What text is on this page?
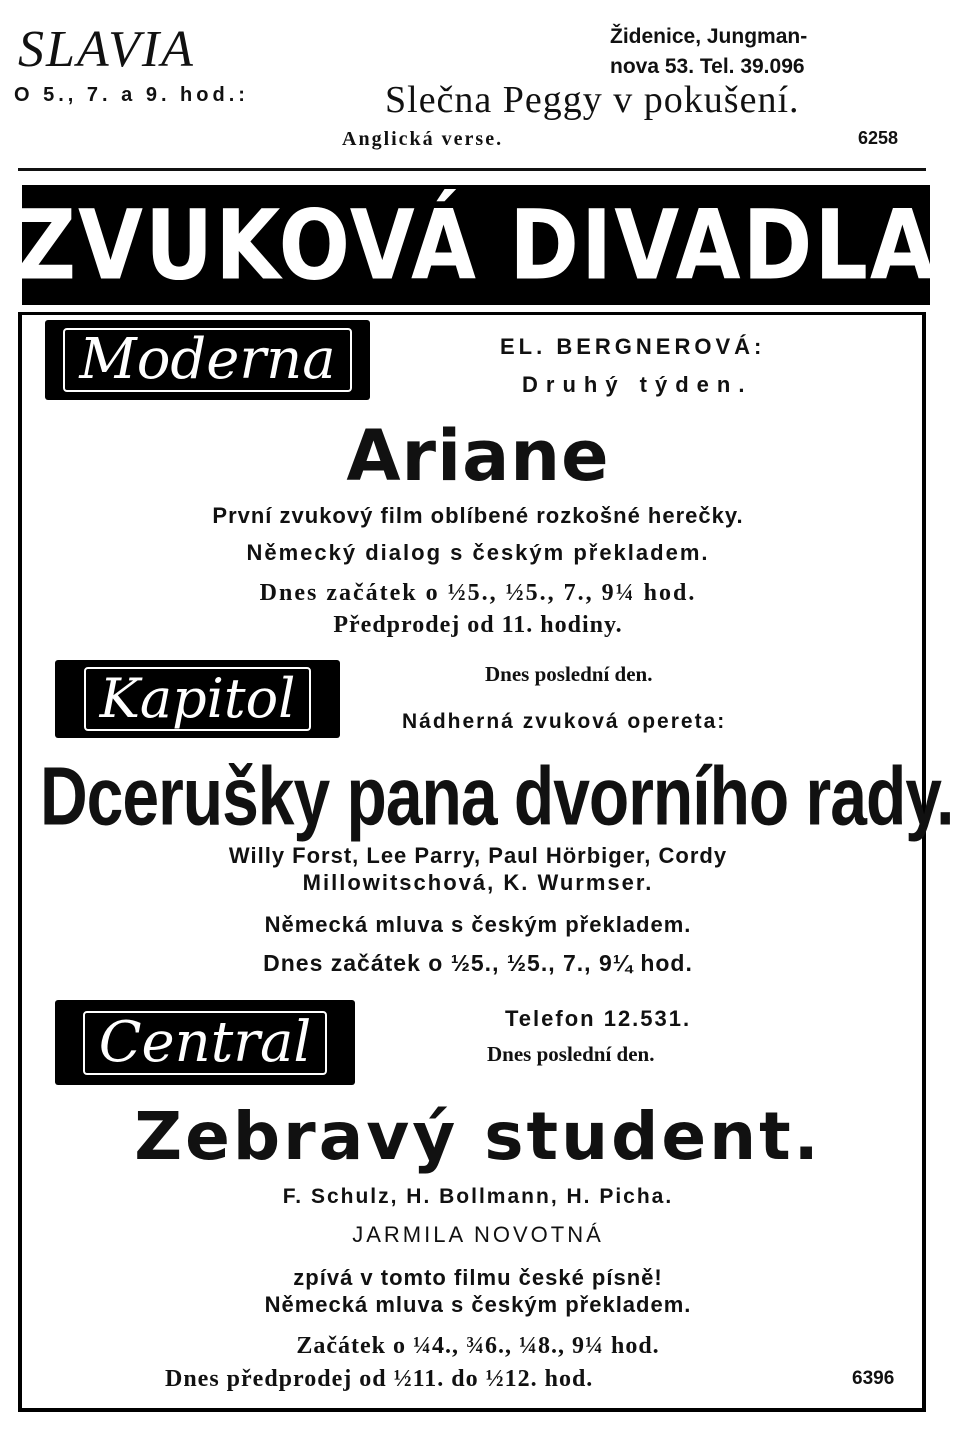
SLAVIA	Židenice, Jungman-
nova 53. Tel. 39.096
O 5., 7. a 9. hod.:	Slečna Peggy v pokušení.
Anglická verse.	6258
ZVUKOVÁ DIVADLA
Moderna	EL. BERGNEROVÁ:
Druhý týden.
Ariane
První zvukový film oblíbené rozkošné herečky.
Německý dialog s českým překladem.
Dnes začátek o ½5., ½5., 7., 9¼ hod.
Předprodej od 11. hodiny.
Kapitol	Dnes poslední den.
Nádherná zvuková opereta:
Dcerušky pana dvorního rady.
Willy Forst, Lee Parry, Paul Hörbiger, Cordy
Millowitschová, K. Wurmser.
Německá mluva s českým překladem.
Dnes začátek o ½5., ½5., 7., 9¼ hod.
Central	Telefon 12.531.
Dnes poslední den.
Zebravý student.
F. Schulz, H. Bollmann, H. Picha.
JARMILA NOVOTNÁ
zpívá v tomto filmu české písně!
Německá mluva s českým překladem.
Začátek o ¼4., ¾6., ¼8., 9¼ hod.
Dnes předprodej od ½11. do ½12. hod.	6396
